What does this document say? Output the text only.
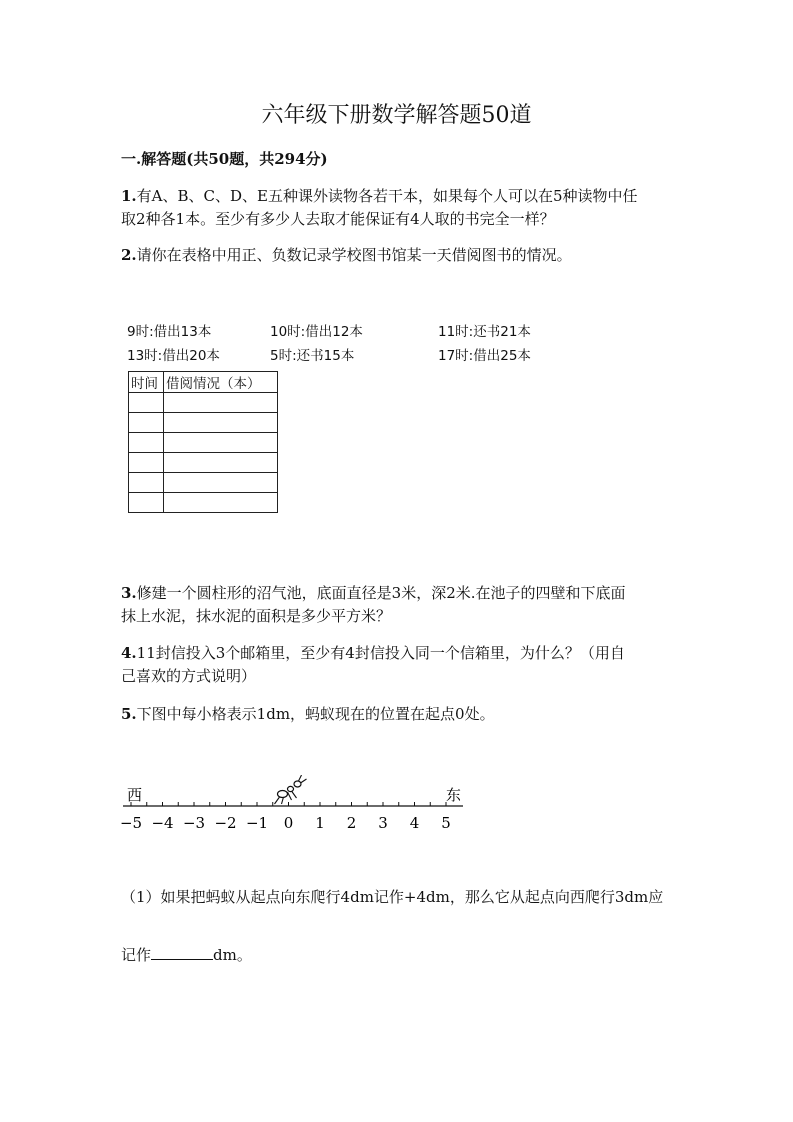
六年级下册数学解答题50道
一.解答题(共50题，共294分)
1.有A、B、C、D、E五种课外读物各若干本，如果每个人可以在5种读物中任
取2种各1本。至少有多少人去取才能保证有4人取的书完全一样？
2.请你在表格中用正、负数记录学校图书馆某一天借阅图书的情况。
9时:借出13本	10时:借出12本	11时:还书21本
13时:借出20本	5时:还书15本	17时:借出25本
时间	借阅情况（本）

3.修建一个圆柱形的沼气池，底面直径是3米，深2米.在池子的四壁和下底面
抹上水泥，抹水泥的面积是多少平方米？
4.11封信投入3个邮箱里，至少有4封信投入同一个信箱里，为什么？（用自
己喜欢的方式说明）
5.下图中每小格表示1dm，蚂蚁现在的位置在起点0处。
西	东
−5 −4 −3 −2 −1 0 1 2 3 4 5
（1）如果把蚂蚁从起点向东爬行4dm记作+4dm，那么它从起点向西爬行3dm应
记作	dm。
